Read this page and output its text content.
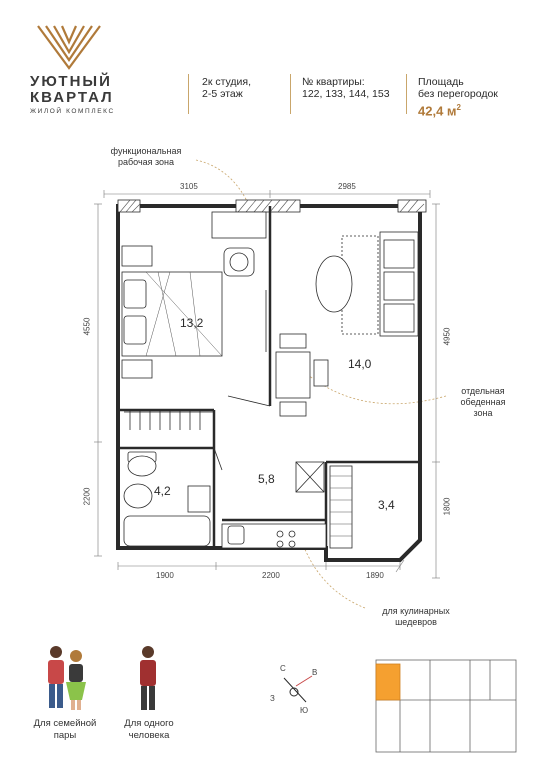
УЮТНЫЙ
КВАРТАЛ
ЖИЛОЙ КОМПЛЕКС
2к студия,
2-5 этаж
№ квартиры:
122, 133, 144, 153
Площадь
без перегородок
42,4 $м^2$
функциональная
рабочая зона
отдельная
обеденная
зона
для кулинарных
шедевров
13,2
14,0
4,2
5,8
3,4
3105	2985
4550
2200
4950
1800
1900	2200	1890
С	В
З
Ю
Для семейной
пары
Для одного
человека
